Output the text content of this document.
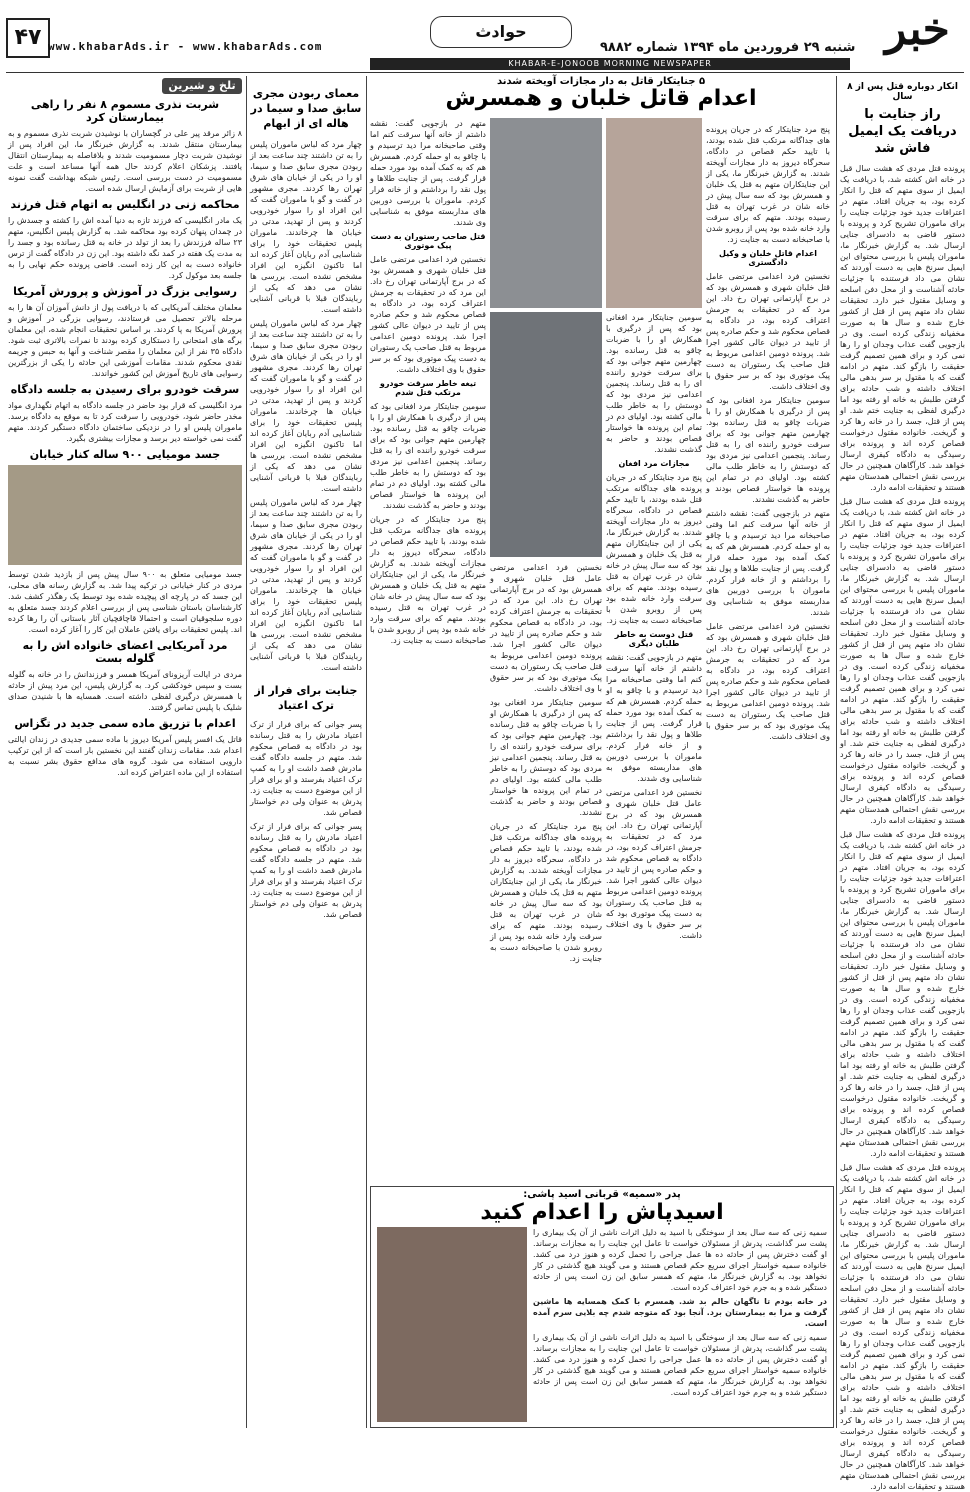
۴۷ www.khabarAds.ir - www.khabarAds.com
حوادث
شنبه ۲۹ فروردین ماه ۱۳۹۴ شماره ۹۸۸۲ خبر
KHABAR-E-JONOOB MORNING NEWSPAPER
انکار دوباره قتل پس از ۸ سال
راز جنایت با دریافت یک ایمیل فاش شد

پرونده قتل مردی که هشت سال قبل در خانه اش کشته شد، با دریافت یک ایمیل از سوی متهم که قتل را انکار کرده بود، به جریان افتاد. متهم در اعترافات جدید خود جزئیات جنایت را برای ماموران تشریح کرد و پرونده با دستور قاضی به دادسرای جنایی ارسال شد. به گزارش خبرنگار ما، ماموران پلیس با بررسی محتوای این ایمیل سرنخ هایی به دست آوردند که نشان می داد فرستنده با جزئیات حادثه آشناست و از محل دفن اسلحه و وسایل مقتول خبر دارد. تحقیقات نشان داد متهم پس از قتل از کشور خارج شده و سال ها به صورت مخفیانه زندگی کرده است. وی در بازجویی گفت عذاب وجدان او را رها نمی کرد و برای همین تصمیم گرفت حقیقت را بازگو کند. متهم در ادامه گفت که با مقتول بر سر بدهی مالی اختلاف داشته و شب حادثه برای گرفتن طلبش به خانه او رفته بود اما درگیری لفظی به جنایت ختم شد. او پس از قتل، جسد را در خانه رها کرد و گریخت. خانواده مقتول درخواست قصاص کرده اند و پرونده برای رسیدگی به دادگاه کیفری ارسال خواهد شد. کارآگاهان همچنین در حال بررسی نقش احتمالی همدستان متهم هستند و تحقیقات ادامه دارد.

پرونده قتل مردی که هشت سال قبل در خانه اش کشته شد، با دریافت یک ایمیل از سوی متهم که قتل را انکار کرده بود، به جریان افتاد. متهم در اعترافات جدید خود جزئیات جنایت را برای ماموران تشریح کرد و پرونده با دستور قاضی به دادسرای جنایی ارسال شد. به گزارش خبرنگار ما، ماموران پلیس با بررسی محتوای این ایمیل سرنخ هایی به دست آوردند که نشان می داد فرستنده با جزئیات حادثه آشناست و از محل دفن اسلحه و وسایل مقتول خبر دارد. تحقیقات نشان داد متهم پس از قتل از کشور خارج شده و سال ها به صورت مخفیانه زندگی کرده است. وی در بازجویی گفت عذاب وجدان او را رها نمی کرد و برای همین تصمیم گرفت حقیقت را بازگو کند. متهم در ادامه گفت که با مقتول بر سر بدهی مالی اختلاف داشته و شب حادثه برای گرفتن طلبش به خانه او رفته بود اما درگیری لفظی به جنایت ختم شد. او پس از قتل، جسد را در خانه رها کرد و گریخت. خانواده مقتول درخواست قصاص کرده اند و پرونده برای رسیدگی به دادگاه کیفری ارسال خواهد شد. کارآگاهان همچنین در حال بررسی نقش احتمالی همدستان متهم هستند و تحقیقات ادامه دارد.

پرونده قتل مردی که هشت سال قبل در خانه اش کشته شد، با دریافت یک ایمیل از سوی متهم که قتل را انکار کرده بود، به جریان افتاد. متهم در اعترافات جدید خود جزئیات جنایت را برای ماموران تشریح کرد و پرونده با دستور قاضی به دادسرای جنایی ارسال شد. به گزارش خبرنگار ما، ماموران پلیس با بررسی محتوای این ایمیل سرنخ هایی به دست آوردند که نشان می داد فرستنده با جزئیات حادثه آشناست و از محل دفن اسلحه و وسایل مقتول خبر دارد. تحقیقات نشان داد متهم پس از قتل از کشور خارج شده و سال ها به صورت مخفیانه زندگی کرده است. وی در بازجویی گفت عذاب وجدان او را رها نمی کرد و برای همین تصمیم گرفت حقیقت را بازگو کند. متهم در ادامه گفت که با مقتول بر سر بدهی مالی اختلاف داشته و شب حادثه برای گرفتن طلبش به خانه او رفته بود اما درگیری لفظی به جنایت ختم شد. او پس از قتل، جسد را در خانه رها کرد و گریخت. خانواده مقتول درخواست قصاص کرده اند و پرونده برای رسیدگی به دادگاه کیفری ارسال خواهد شد. کارآگاهان همچنین در حال بررسی نقش احتمالی همدستان متهم هستند و تحقیقات ادامه دارد.

پرونده قتل مردی که هشت سال قبل در خانه اش کشته شد، با دریافت یک ایمیل از سوی متهم که قتل را انکار کرده بود، به جریان افتاد. متهم در اعترافات جدید خود جزئیات جنایت را برای ماموران تشریح کرد و پرونده با دستور قاضی به دادسرای جنایی ارسال شد. به گزارش خبرنگار ما، ماموران پلیس با بررسی محتوای این ایمیل سرنخ هایی به دست آوردند که نشان می داد فرستنده با جزئیات حادثه آشناست و از محل دفن اسلحه و وسایل مقتول خبر دارد. تحقیقات نشان داد متهم پس از قتل از کشور خارج شده و سال ها به صورت مخفیانه زندگی کرده است. وی در بازجویی گفت عذاب وجدان او را رها نمی کرد و برای همین تصمیم گرفت حقیقت را بازگو کند. متهم در ادامه گفت که با مقتول بر سر بدهی مالی اختلاف داشته و شب حادثه برای گرفتن طلبش به خانه او رفته بود اما درگیری لفظی به جنایت ختم شد. او پس از قتل، جسد را در خانه رها کرد و گریخت. خانواده مقتول درخواست قصاص کرده اند و پرونده برای رسیدگی به دادگاه کیفری ارسال خواهد شد. کارآگاهان همچنین در حال بررسی نقش احتمالی همدستان متهم هستند و تحقیقات ادامه دارد.

۵ جنایتکار قاتل به دار مجازات آویخته شدند
اعدام قاتل خلبان و همسرش

پنج مرد جنایتکار که در جریان پرونده های جداگانه مرتکب قتل شده بودند، با تایید حکم قصاص در دادگاه، سحرگاه دیروز به دار مجازات آویخته شدند. به گزارش خبرنگار ما، یکی از این جنایتکاران متهم به قتل یک خلبان و همسرش بود که سه سال پیش در خانه شان در غرب تهران به قتل رسیده بودند. متهم که برای سرقت وارد خانه شده بود پس از روبرو شدن با صاحبخانه دست به جنایت زد.

اعدام قاتل خلبان و وکیل دادگستری

نخستین فرد اعدامی مرتضی عامل قتل خلبان شهری و همسرش بود که در برج آپارتمانی تهران رخ داد. این مرد که در تحقیقات به جرمش اعتراف کرده بود، در دادگاه به قصاص محکوم شد و حکم صادره پس از تایید در دیوان عالی کشور اجرا شد. پرونده دومین اعدامی مربوط به قتل صاحب یک رستوران به دست پیک موتوری بود که بر سر حقوق با وی اختلاف داشت.

سومین جنایتکار مرد افغانی بود که پس از درگیری با همکارش او را با ضربات چاقو به قتل رسانده بود. چهارمین متهم جوانی بود که برای سرقت خودرو راننده ای را به قتل رساند. پنجمین اعدامی نیز مردی بود که دوستش را به خاطر طلب مالی کشته بود. اولیای دم در تمام این پرونده ها خواستار قصاص بودند و حاضر به گذشت نشدند.

متهم در بازجویی گفت: نقشه داشتم از خانه آنها سرقت کنم اما وقتی صاحبخانه مرا دید ترسیدم و با چاقو به او حمله کردم. همسرش هم که به کمک آمده بود مورد حمله قرار گرفت. پس از جنایت طلاها و پول نقد را برداشتم و از خانه فرار کردم. ماموران با بررسی دوربین های مداربسته موفق به شناسایی وی شدند.

نخستین فرد اعدامی مرتضی عامل قتل خلبان شهری و همسرش بود که در برج آپارتمانی تهران رخ داد. این مرد که در تحقیقات به جرمش اعتراف کرده بود، در دادگاه به قصاص محکوم شد و حکم صادره پس از تایید در دیوان عالی کشور اجرا شد. پرونده دومین اعدامی مربوط به قتل صاحب یک رستوران به دست پیک موتوری بود که بر سر حقوق با وی اختلاف داشت.

سومین جنایتکار مرد افغانی بود که پس از درگیری با همکارش او را با ضربات چاقو به قتل رسانده بود. چهارمین متهم جوانی بود که برای سرقت خودرو راننده ای را به قتل رساند. پنجمین اعدامی نیز مردی بود که دوستش را به خاطر طلب مالی کشته بود. اولیای دم در تمام این پرونده ها خواستار قصاص بودند و حاضر به گذشت نشدند.

مجازات مرد افغان

پنج مرد جنایتکار که در جریان پرونده های جداگانه مرتکب قتل شده بودند، با تایید حکم قصاص در دادگاه، سحرگاه دیروز به دار مجازات آویخته شدند. به گزارش خبرنگار ما، یکی از این جنایتکاران متهم به قتل یک خلبان و همسرش بود که سه سال پیش در خانه شان در غرب تهران به قتل رسیده بودند. متهم که برای سرقت وارد خانه شده بود پس از روبرو شدن با صاحبخانه دست به جنایت زد.

قتل دوست به خاطر طلبان دیگری

متهم در بازجویی گفت: نقشه داشتم از خانه آنها سرقت کنم اما وقتی صاحبخانه مرا دید ترسیدم و با چاقو به او حمله کردم. همسرش هم که به کمک آمده بود مورد حمله قرار گرفت. پس از جنایت طلاها و پول نقد را برداشتم و از خانه فرار کردم. ماموران با بررسی دوربین های مداربسته موفق به شناسایی وی شدند.

نخستین فرد اعدامی مرتضی عامل قتل خلبان شهری و همسرش بود که در برج آپارتمانی تهران رخ داد. این مرد که در تحقیقات به جرمش اعتراف کرده بود، در دادگاه به قصاص محکوم شد و حکم صادره پس از تایید در دیوان عالی کشور اجرا شد. پرونده دومین اعدامی مربوط به قتل صاحب یک رستوران به دست پیک موتوری بود که بر سر حقوق با وی اختلاف داشت.

نخستین فرد اعدامی مرتضی عامل قتل خلبان شهری و همسرش بود که در برج آپارتمانی تهران رخ داد. این مرد که در تحقیقات به جرمش اعتراف کرده بود، در دادگاه به قصاص محکوم شد و حکم صادره پس از تایید در دیوان عالی کشور اجرا شد. پرونده دومین اعدامی مربوط به قتل صاحب یک رستوران به دست پیک موتوری بود که بر سر حقوق با وی اختلاف داشت.

سومین جنایتکار مرد افغانی بود که پس از درگیری با همکارش او را با ضربات چاقو به قتل رسانده بود. چهارمین متهم جوانی بود که برای سرقت خودرو راننده ای را به قتل رساند. پنجمین اعدامی نیز مردی بود که دوستش را به خاطر طلب مالی کشته بود. اولیای دم در تمام این پرونده ها خواستار قصاص بودند و حاضر به گذشت نشدند.

پنج مرد جنایتکار که در جریان پرونده های جداگانه مرتکب قتل شده بودند، با تایید حکم قصاص در دادگاه، سحرگاه دیروز به دار مجازات آویخته شدند. به گزارش خبرنگار ما، یکی از این جنایتکاران متهم به قتل یک خلبان و همسرش بود که سه سال پیش در خانه شان در غرب تهران به قتل رسیده بودند. متهم که برای سرقت وارد خانه شده بود پس از روبرو شدن با صاحبخانه دست به جنایت زد.

متهم در بازجویی گفت: نقشه داشتم از خانه آنها سرقت کنم اما وقتی صاحبخانه مرا دید ترسیدم و با چاقو به او حمله کردم. همسرش هم که به کمک آمده بود مورد حمله قرار گرفت. پس از جنایت طلاها و پول نقد را برداشتم و از خانه فرار کردم. ماموران با بررسی دوربین های مداربسته موفق به شناسایی وی شدند.

قتل صاحب رستوران به دست پیک موتوری

نخستین فرد اعدامی مرتضی عامل قتل خلبان شهری و همسرش بود که در برج آپارتمانی تهران رخ داد. این مرد که در تحقیقات به جرمش اعتراف کرده بود، در دادگاه به قصاص محکوم شد و حکم صادره پس از تایید در دیوان عالی کشور اجرا شد. پرونده دومین اعدامی مربوط به قتل صاحب یک رستوران به دست پیک موتوری بود که بر سر حقوق با وی اختلاف داشت.

تیغه خاطر سرقت خودرو مرتکب قتل شدم

سومین جنایتکار مرد افغانی بود که پس از درگیری با همکارش او را با ضربات چاقو به قتل رسانده بود. چهارمین متهم جوانی بود که برای سرقت خودرو راننده ای را به قتل رساند. پنجمین اعدامی نیز مردی بود که دوستش را به خاطر طلب مالی کشته بود. اولیای دم در تمام این پرونده ها خواستار قصاص بودند و حاضر به گذشت نشدند.

پنج مرد جنایتکار که در جریان پرونده های جداگانه مرتکب قتل شده بودند، با تایید حکم قصاص در دادگاه، سحرگاه دیروز به دار مجازات آویخته شدند. به گزارش خبرنگار ما، یکی از این جنایتکاران متهم به قتل یک خلبان و همسرش بود که سه سال پیش در خانه شان در غرب تهران به قتل رسیده بودند. متهم که برای سرقت وارد خانه شده بود پس از روبرو شدن با صاحبخانه دست به جنایت زد.

پدر «سمیه» قربانی اسید پاشی:
اسیدپاش را اعدام کنید

سمیه زنی که سه سال بعد از سوختگی با اسید به دلیل اثرات ناشی از آن یک بیماری را پشت سر گذاشت، پدرش از مسئولان خواست تا عامل این جنایت را به مجازات برساند. او گفت دخترش پس از حادثه ده ها عمل جراحی را تحمل کرده و هنوز درد می کشد. خانواده سمیه خواستار اجرای سریع حکم قصاص هستند و می گویند هیچ گذشتی در کار نخواهد بود. به گزارش خبرنگار ما، متهم که همسر سابق این زن است پس از حادثه دستگیر شده و به جرم خود اعتراف کرده است.

در خانه بودم تا ناگهان حالم بد شد. همسرم با کمک همسایه ها ماشین گرفت و مرا به بیمارستان برد. آنجا بود که متوجه شدم چه بلایی سرم آمده است.

سمیه زنی که سه سال بعد از سوختگی با اسید به دلیل اثرات ناشی از آن یک بیماری را پشت سر گذاشت، پدرش از مسئولان خواست تا عامل این جنایت را به مجازات برساند. او گفت دخترش پس از حادثه ده ها عمل جراحی را تحمل کرده و هنوز درد می کشد. خانواده سمیه خواستار اجرای سریع حکم قصاص هستند و می گویند هیچ گذشتی در کار نخواهد بود. به گزارش خبرنگار ما، متهم که همسر سابق این زن است پس از حادثه دستگیر شده و به جرم خود اعتراف کرده است.

معمای ربودن مجری سابق صدا و سیما در هاله ای از ابهام

چهار مرد که لباس ماموران پلیس را به تن داشتند چند ساعت بعد از ربودن مجری سابق صدا و سیما، او را در یکی از خیابان های شرق تهران رها کردند. مجری مشهور در گفت و گو با ماموران گفت که این افراد او را سوار خودرویی کردند و پس از تهدید، مدتی در خیابان ها چرخاندند. ماموران پلیس تحقیقات خود را برای شناسایی آدم ربایان آغاز کرده اند اما تاکنون انگیزه این افراد مشخص نشده است. بررسی ها نشان می دهد که یکی از ربایندگان قبلا با قربانی آشنایی داشته است.

چهار مرد که لباس ماموران پلیس را به تن داشتند چند ساعت بعد از ربودن مجری سابق صدا و سیما، او را در یکی از خیابان های شرق تهران رها کردند. مجری مشهور در گفت و گو با ماموران گفت که این افراد او را سوار خودرویی کردند و پس از تهدید، مدتی در خیابان ها چرخاندند. ماموران پلیس تحقیقات خود را برای شناسایی آدم ربایان آغاز کرده اند اما تاکنون انگیزه این افراد مشخص نشده است. بررسی ها نشان می دهد که یکی از ربایندگان قبلا با قربانی آشنایی داشته است.

چهار مرد که لباس ماموران پلیس را به تن داشتند چند ساعت بعد از ربودن مجری سابق صدا و سیما، او را در یکی از خیابان های شرق تهران رها کردند. مجری مشهور در گفت و گو با ماموران گفت که این افراد او را سوار خودرویی کردند و پس از تهدید، مدتی در خیابان ها چرخاندند. ماموران پلیس تحقیقات خود را برای شناسایی آدم ربایان آغاز کرده اند اما تاکنون انگیزه این افراد مشخص نشده است. بررسی ها نشان می دهد که یکی از ربایندگان قبلا با قربانی آشنایی داشته است.

جنایت برای فرار از ترک اعتیاد

پسر جوانی که برای فرار از ترک اعتیاد مادرش را به قتل رسانده بود در دادگاه به قصاص محکوم شد. متهم در جلسه دادگاه گفت مادرش قصد داشت او را به کمپ ترک اعتیاد بفرستد و او برای فرار از این موضوع دست به جنایت زد. پدرش به عنوان ولی دم خواستار قصاص شد.

پسر جوانی که برای فرار از ترک اعتیاد مادرش را به قتل رسانده بود در دادگاه به قصاص محکوم شد. متهم در جلسه دادگاه گفت مادرش قصد داشت او را به کمپ ترک اعتیاد بفرستد و او برای فرار از این موضوع دست به جنایت زد. پدرش به عنوان ولی دم خواستار قصاص شد.

تلخ و شیرین
شربت نذری مسموم ۸ نفر را راهی بیمارستان کرد

۸ زائر مرقد پیر علی در گچساران با نوشیدن شربت نذری مسموم و به بیمارستان منتقل شدند. به گزارش خبرنگار ما، این افراد پس از نوشیدن شربت دچار مسمومیت شدند و بلافاصله به بیمارستان انتقال یافتند. پزشکان اعلام کردند حال همه آنها مساعد است و علت مسمومیت در دست بررسی است. رئیس شبکه بهداشت گفت نمونه هایی از شربت برای آزمایش ارسال شده است.

محاکمه زنی در انگلیس به اتهام قتل فرزند

یک مادر انگلیسی که فرزند تازه به دنیا آمده اش را کشته و جسدش را در چمدان پنهان کرده بود محاکمه شد. به گزارش پلیس انگلیس، متهم ۲۳ ساله فرزندش را بعد از تولد در خانه به قتل رسانده بود و جسد را به مدت یک هفته در کمد نگه داشته بود. این زن در دادگاه گفت از ترس خانواده دست به این کار زده است. قاضی پرونده حکم نهایی را به جلسه بعد موکول کرد.

رسوایی بزرگ در آموزش و پرورش آمریکا

معلمان مختلف آمریکایی که با دریافت پول از دانش آموزان آن ها را به مرحله بالاتر تحصیل می فرستادند، رسوایی بزرگی در آموزش و پرورش آمریکا به پا کردند. بر اساس تحقیقات انجام شده، این معلمان برگه های امتحانی را دستکاری کرده بودند تا نمرات بالاتری ثبت شود. دادگاه ۳۵ نفر از این معلمان را مقصر شناخت و آنها به حبس و جریمه نقدی محکوم شدند. مقامات آموزشی این حادثه را یکی از بزرگترین رسوایی های تاریخ آموزش این کشور خواندند.

سرقت خودرو برای رسیدن به جلسه دادگاه

مرد انگلیسی که قرار بود حاضر در جلسه دادگاه به اتهام نگهداری مواد مخدر حاضر شود، خودرویی را سرقت کرد تا به موقع به دادگاه برسد. ماموران پلیس او را در نزدیکی ساختمان دادگاه دستگیر کردند. متهم گفت نمی خواسته دیر برسد و مجازات بیشتری بگیرد.

جسد مومیایی ۹۰۰ ساله کنار خیابان

جسد مومیایی متعلق به ۹۰۰ سال پیش پس از بازدید شدن توسط مردی در کنار خیابانی در ترکیه پیدا شد. به گزارش رسانه های محلی، این جسد که در پارچه ای پیچیده شده بود توسط یک رهگذر کشف شد. کارشناسان باستان شناسی پس از بررسی اعلام کردند جسد متعلق به دوره سلجوقیان است و احتمالا قاچاقچیان آثار باستانی آن را رها کرده اند. پلیس تحقیقات برای یافتن عاملان این کار را آغاز کرده است.

مرد آمریکایی اعضای خانواده اش را به گلوله بست

مردی در ایالت آریزونای آمریکا همسر و فرزندانش را در خانه به گلوله بست و سپس خودکشی کرد. به گزارش پلیس، این مرد پیش از حادثه با همسرش درگیری لفظی داشته است. همسایه ها با شنیدن صدای شلیک با پلیس تماس گرفتند.

اعدام با تزریق ماده سمی جدید در تگزاس

قاتل یک افسر پلیس آمریکا دیروز با ماده سمی جدیدی در زندان ایالتی اعدام شد. مقامات زندان گفتند این نخستین بار است که از این ترکیب دارویی استفاده می شود. گروه های مدافع حقوق بشر نسبت به استفاده از این ماده اعتراض کرده اند.
